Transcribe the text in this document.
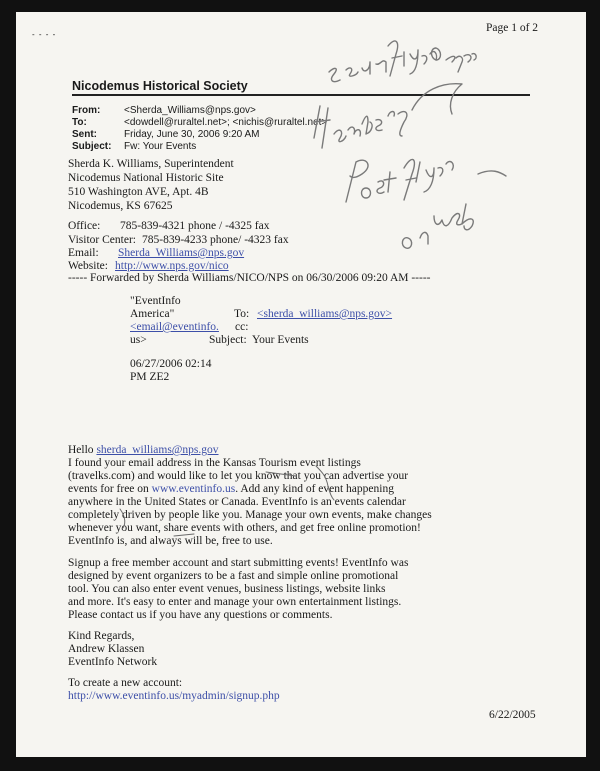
- - - -
Page 1 of 2
Nicodemus Historical Society
From: <Sherda_Williams@nps.gov>
To:	<dowdell@ruraltel.net>; <nichis@ruraltel.net>
Sent:	Friday, June 30, 2006 9:20 AM
Subject: Fw: Your Events
Sherda K. Williams, Superintendent
Nicodemus National Historic Site
510 Washington AVE, Apt. 4B
Nicodemus, KS 67625
Office: 785-839-4321 phone / -4325 fax
Visitor Center: 785-839-4233 phone/ -4323 fax
Email: Sherda_Williams@nps.gov
Website: http://www.nps.gov/nico
----- Forwarded by Sherda Williams/NICO/NPS on 06/30/2006 09:20 AM -----
"EventInfo
America"
<email@eventinfo.
us>
To: <sherda_williams@nps.gov>
cc:
Subject: Your Events
06/27/2006 02:14
PM ZE2
Hello sherda_williams@nps.gov
I found your email address in the Kansas Tourism event listings
(travelks.com) and would like to let you know that you can advertise your
events for free on www.eventinfo.us. Add any kind of event happening
anywhere in the United States or Canada. EventInfo is an events calendar
completely driven by people like you. Manage your own events, make changes
whenever you want, share events with others, and get free online promotion!
EventInfo is, and always will be, free to use.
Signup a free member account and start submitting events! EventInfo was
designed by event organizers to be a fast and simple online promotional
tool. You can also enter event venues, business listings, website links
and more. It's easy to enter and manage your own entertainment listings.
Please contact us if you have any questions or comments.
Kind Regards,
Andrew Klassen
EventInfo Network
To create a new account:
http://www.eventinfo.us/myadmin/signup.php
6/22/2005
